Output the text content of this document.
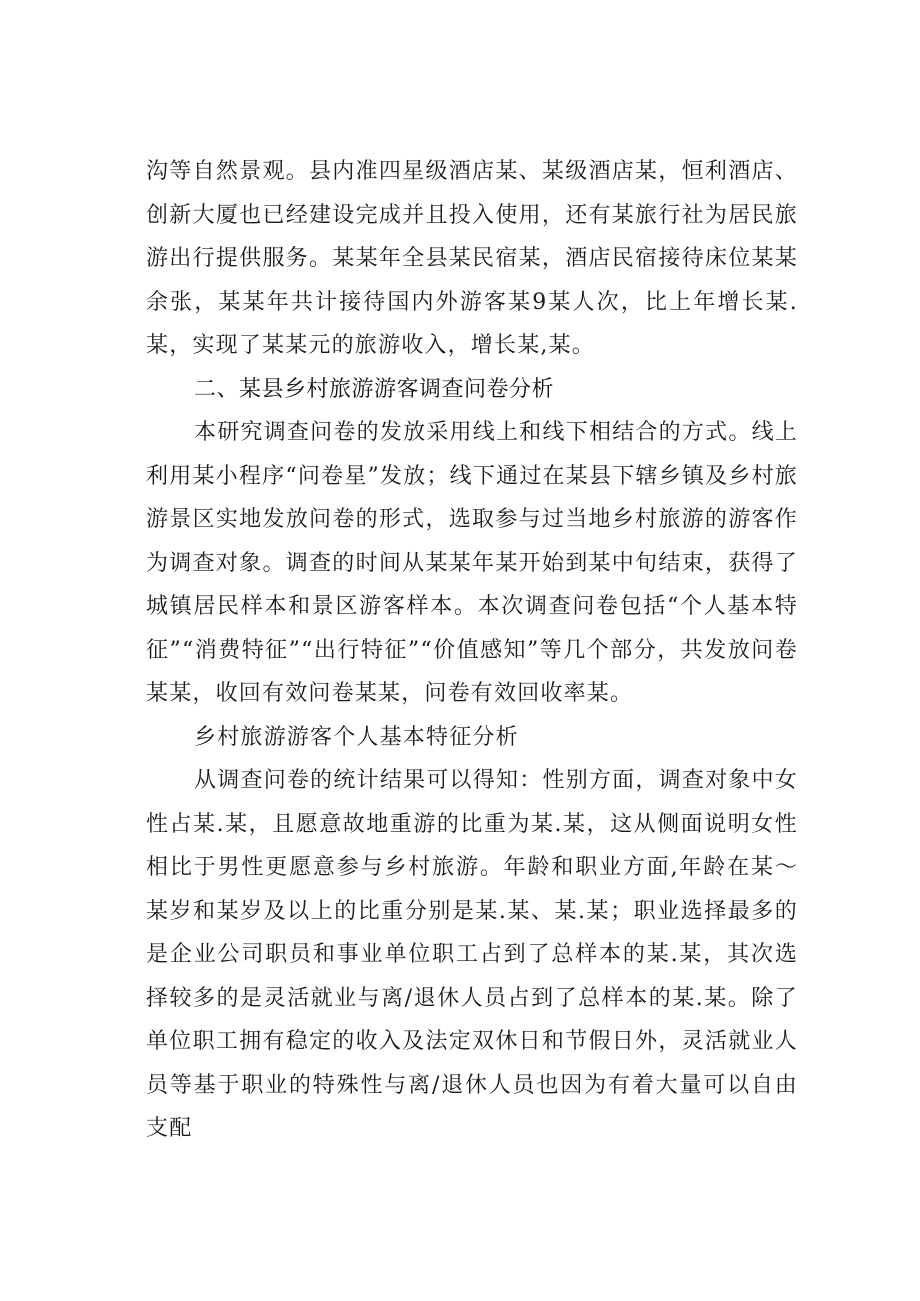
沟等自然景观。县内准四星级酒店某、某级酒店某，恒利酒店、创新大厦也已经建设完成并且投入使用，还有某旅行社为居民旅游出行提供服务。某某年全县某民宿某，酒店民宿接待床位某某余张，某某年共计接待国内外游客某9某人次，比上年增长某.某，实现了某某元的旅游收入，增长某,某。

二、某县乡村旅游游客调查问卷分析

本研究调查问卷的发放采用线上和线下相结合的方式。线上利用某小程序“问卷星”发放；线下通过在某县下辖乡镇及乡村旅游景区实地发放问卷的形式，选取参与过当地乡村旅游的游客作为调查对象。调查的时间从某某年某开始到某中旬结束，获得了城镇居民样本和景区游客样本。本次调查问卷包括“个人基本特征”“消费特征”“出行特征”“价值感知”等几个部分，共发放问卷某某，收回有效问卷某某，问卷有效回收率某。

乡村旅游游客个人基本特征分析

从调查问卷的统计结果可以得知：性别方面，调查对象中女性占某.某，且愿意故地重游的比重为某.某，这从侧面说明女性相比于男性更愿意参与乡村旅游。年龄和职业方面,年龄在某～某岁和某岁及以上的比重分别是某.某、某.某；职业选择最多的是企业公司职员和事业单位职工占到了总样本的某.某，其次选择较多的是灵活就业与离/退休人员占到了总样本的某.某。除了单位职工拥有稳定的收入及法定双休日和节假日外，灵活就业人员等基于职业的特殊性与离/退休人员也因为有着大量可以自由支配
